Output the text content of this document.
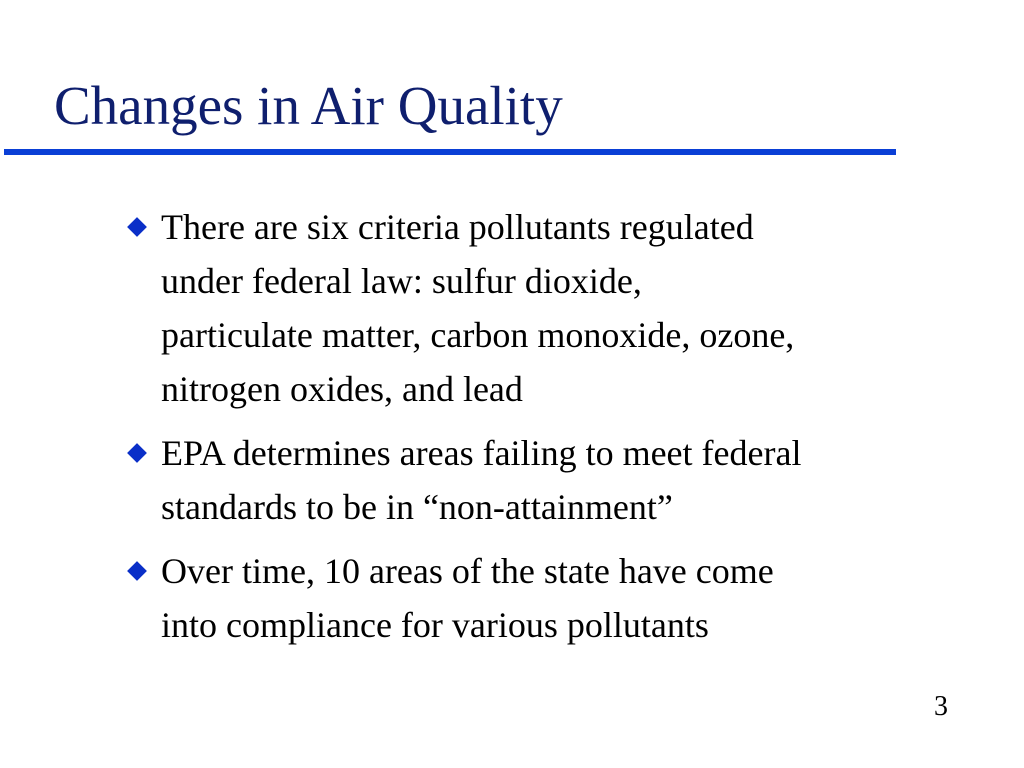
Changes in Air Quality
There are six criteria pollutants regulated
under federal law: sulfur dioxide,
particulate matter, carbon monoxide, ozone,
nitrogen oxides, and lead
EPA determines areas failing to meet federal
standards to be in “non-attainment”
Over time, 10 areas of the state have come
into compliance for various pollutants
3
